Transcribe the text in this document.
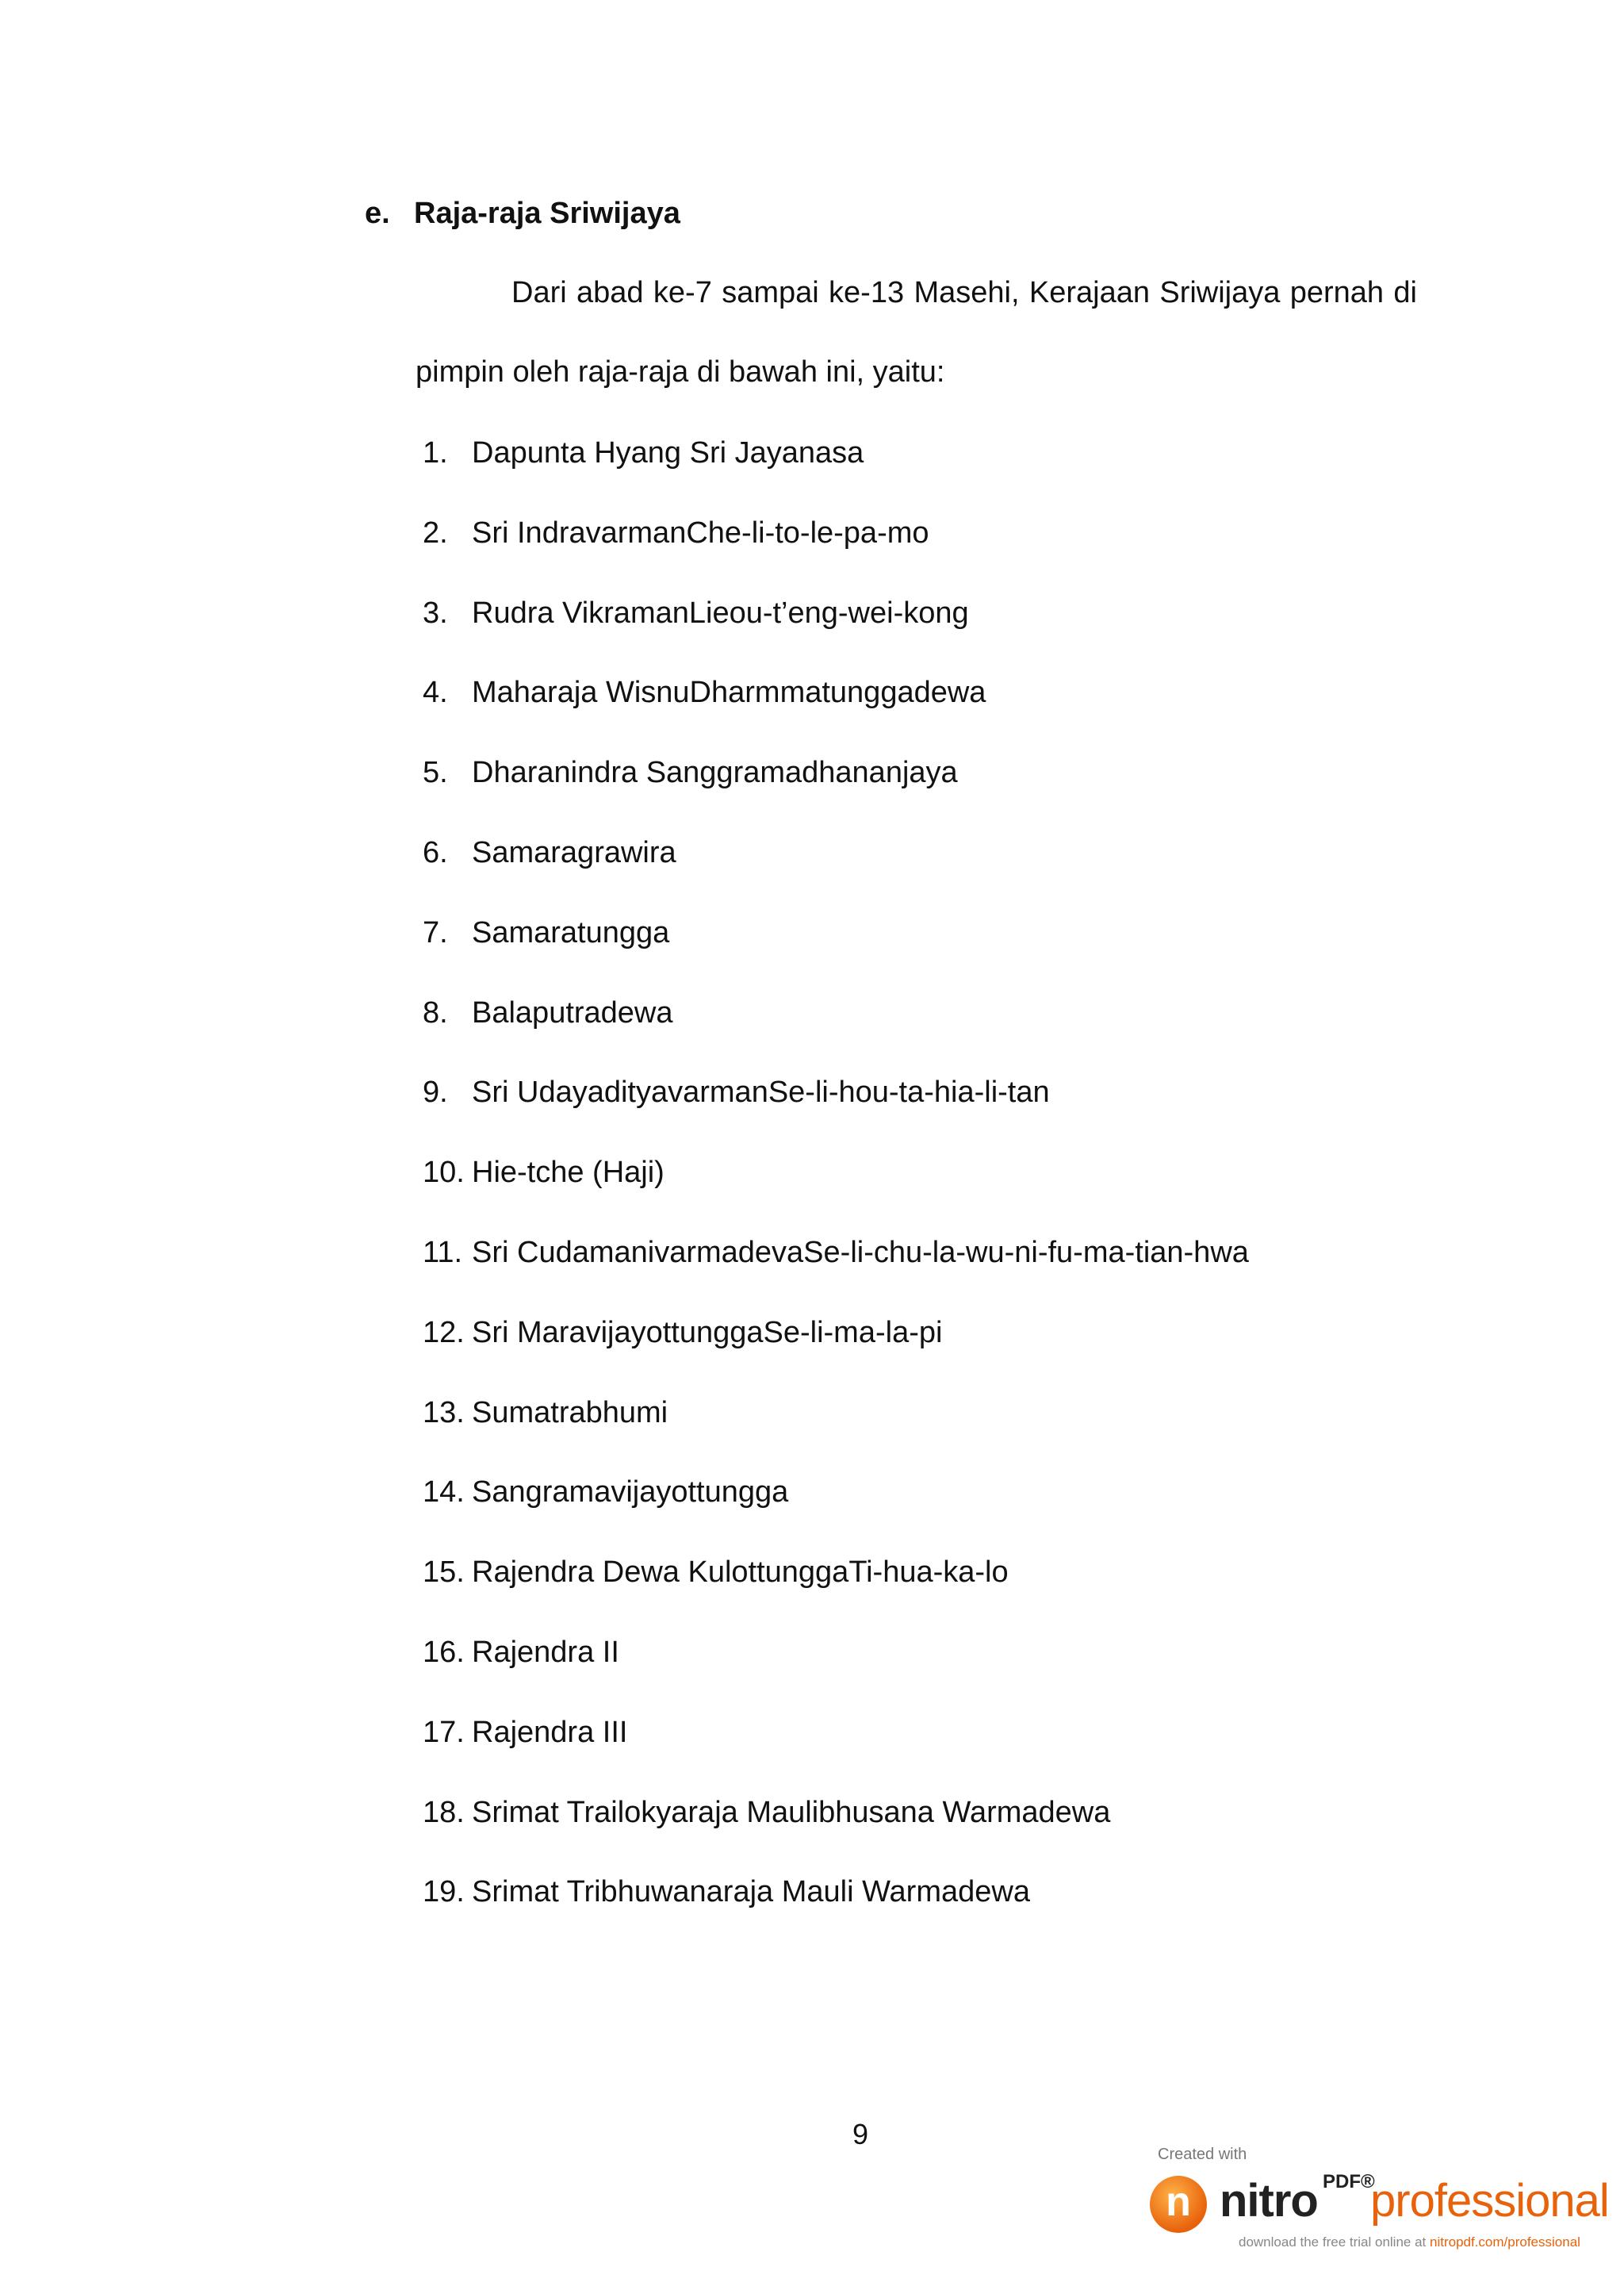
e. Raja-raja Sriwijaya
Dari abad ke-7 sampai ke-13 Masehi, Kerajaan Sriwijaya pernah di
pimpin oleh raja-raja di bawah ini, yaitu:
1. Dapunta Hyang Sri Jayanasa
2. Sri IndravarmanChe-li-to-le-pa-mo
3. Rudra VikramanLieou-t’eng-wei-kong
4. Maharaja WisnuDharmmatunggadewa
5. Dharanindra Sanggramadhananjaya
6. Samaragrawira
7. Samaratungga
8. Balaputradewa
9. Sri UdayadityavarmanSe-li-hou-ta-hia-li-tan
10. Hie-tche (Haji)
11. Sri CudamanivarmadevaSe-li-chu-la-wu-ni-fu-ma-tian-hwa
12. Sri MaravijayottunggaSe-li-ma-la-pi
13. Sumatrabhumi
14. Sangramavijayottungga
15. Rajendra Dewa KulottunggaTi-hua-ka-lo
16. Rajendra II
17. Rajendra III
18. Srimat Trailokyaraja Maulibhusana Warmadewa
19. Srimat Tribhuwanaraja Mauli Warmadewa
9
Created with
n nitro PDF®
professional
download the free trial online at nitropdf.com/professional
